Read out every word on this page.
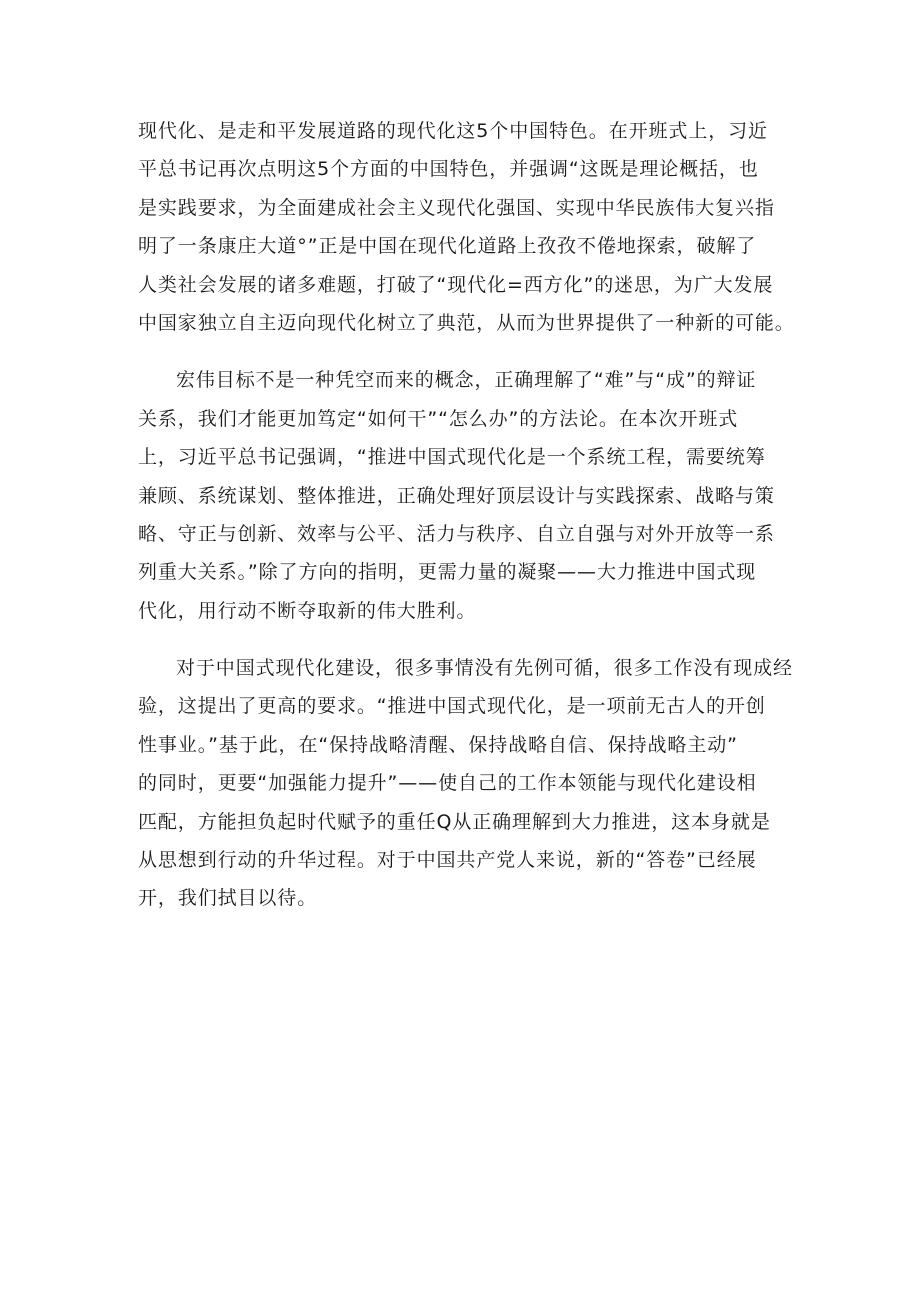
现代化、是走和平发展道路的现代化这5个中国特色。在开班式上，习近
平总书记再次点明这5个方面的中国特色，并强调“这既是理论概括，也
是实践要求，为全面建成社会主义现代化强国、实现中华民族伟大复兴指
明了一条康庄大道°”正是中国在现代化道路上孜孜不倦地探索，破解了
人类社会发展的诸多难题，打破了“现代化=西方化”的迷思，为广大发展
中国家独立自主迈向现代化树立了典范，从而为世界提供了一种新的可能。
宏伟目标不是一种凭空而来的概念，正确理解了“难”与“成”的辩证
关系，我们才能更加笃定“如何干”“怎么办”的方法论。在本次开班式
上，习近平总书记强调，“推进中国式现代化是一个系统工程，需要统筹
兼顾、系统谋划、整体推进，正确处理好顶层设计与实践探索、战略与策
略、守正与创新、效率与公平、活力与秩序、自立自强与对外开放等一系
列重大关系。”除了方向的指明，更需力量的凝聚——大力推进中国式现
代化，用行动不断夺取新的伟大胜利。
对于中国式现代化建设，很多事情没有先例可循，很多工作没有现成经
验，这提出了更高的要求。“推进中国式现代化，是一项前无古人的开创
性事业。”基于此，在“保持战略清醒、保持战略自信、保持战略主动”
的同时，更要“加强能力提升”——使自己的工作本领能与现代化建设相
匹配，方能担负起时代赋予的重任Q从正确理解到大力推进，这本身就是
从思想到行动的升华过程。对于中国共产党人来说，新的“答卷”已经展
开，我们拭目以待。
